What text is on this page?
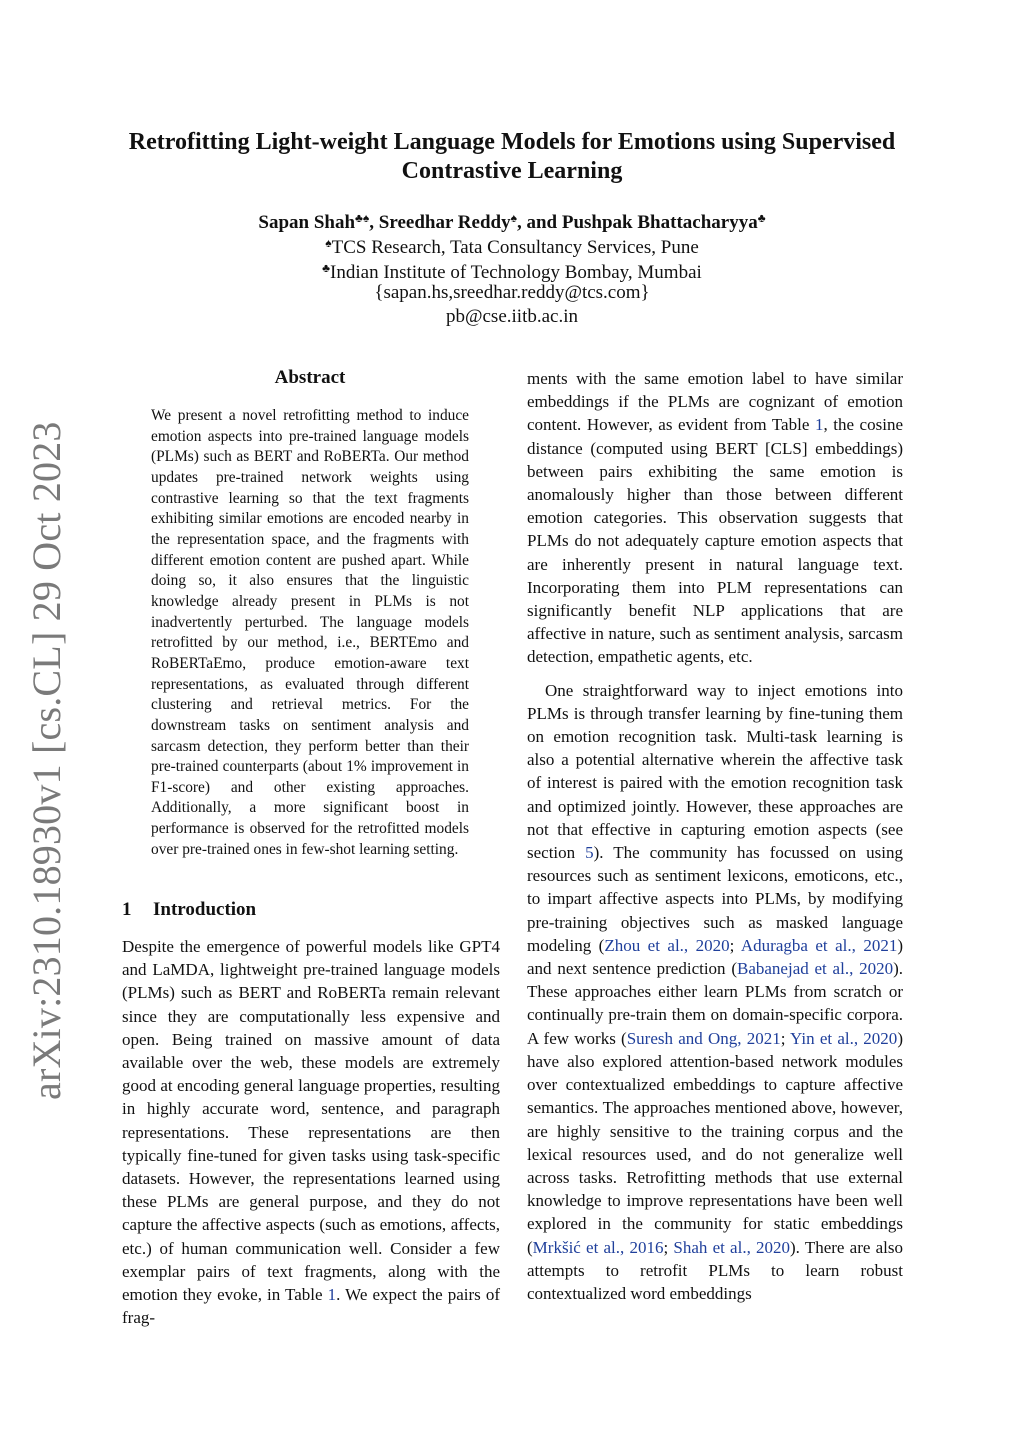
arXiv:2310.18930v1 [cs.CL] 29 Oct 2023
Retrofitting Light-weight Language Models for Emotions using Supervised
Contrastive Learning
Sapan Shah♣♠, Sreedhar Reddy♠, and Pushpak Bhattacharyya♣
♠TCS Research, Tata Consultancy Services, Pune
♣Indian Institute of Technology Bombay, Mumbai
{sapan.hs,sreedhar.reddy@tcs.com}
pb@cse.iitb.ac.in
Abstract
We present a novel retrofitting method to induce emotion aspects into pre-trained language models (PLMs) such as BERT and RoBERTa. Our method updates pre-trained network weights using contrastive learning so that the text fragments exhibiting similar emotions are encoded nearby in the representation space, and the fragments with different emotion content are pushed apart. While doing so, it also ensures that the linguistic knowledge already present in PLMs is not inadvertently perturbed. The language models retrofitted by our method, i.e., BERTEmo and RoBERTaEmo, produce emotion-aware text representations, as evaluated through different clustering and retrieval metrics. For the downstream tasks on sentiment analysis and sarcasm detection, they perform better than their pre-trained counterparts (about 1% improvement in F1-score) and other existing approaches. Additionally, a more significant boost in performance is observed for the retrofitted models over pre-trained ones in few-shot learning setting.
1 Introduction

Despite the emergence of powerful models like GPT4 and LaMDA, lightweight pre-trained language models (PLMs) such as BERT and RoBERTa remain relevant since they are computationally less expensive and open. Being trained on massive amount of data available over the web, these models are extremely good at encoding general language properties, resulting in highly accurate word, sentence, and paragraph representations. These representations are then typically fine-tuned for given tasks using task-specific datasets. However, the representations learned using these PLMs are general purpose, and they do not capture the affective aspects (such as emotions, affects, etc.) of human communication well. Consider a few exemplar pairs of text fragments, along with the emotion they evoke, in Table 1. We expect the pairs of frag-

ments with the same emotion label to have similar embeddings if the PLMs are cognizant of emotion content. However, as evident from Table 1, the cosine distance (computed using BERT [CLS] embeddings) between pairs exhibiting the same emotion is anomalously higher than those between different emotion categories. This observation suggests that PLMs do not adequately capture emotion aspects that are inherently present in natural language text. Incorporating them into PLM representations can significantly benefit NLP applications that are affective in nature, such as sentiment analysis, sarcasm detection, empathetic agents, etc.

One straightforward way to inject emotions into PLMs is through transfer learning by fine-tuning them on emotion recognition task. Multi-task learning is also a potential alternative wherein the affective task of interest is paired with the emotion recognition task and optimized jointly. However, these approaches are not that effective in capturing emotion aspects (see section 5). The community has focussed on using resources such as sentiment lexicons, emoticons, etc., to impart affective aspects into PLMs, by modifying pre-training objectives such as masked language modeling (Zhou et al., 2020; Aduragba et al., 2021) and next sentence prediction (Babanejad et al., 2020). These approaches either learn PLMs from scratch or continually pre-train them on domain-specific corpora. A few works (Suresh and Ong, 2021; Yin et al., 2020) have also explored attention-based network modules over contextualized embeddings to capture affective semantics. The approaches mentioned above, however, are highly sensitive to the training corpus and the lexical resources used, and do not generalize well across tasks. Retrofitting methods that use external knowledge to improve representations have been well explored in the community for static embeddings (Mrkšić et al., 2016; Shah et al., 2020). There are also attempts to retrofit PLMs to learn robust contextualized word embeddings
